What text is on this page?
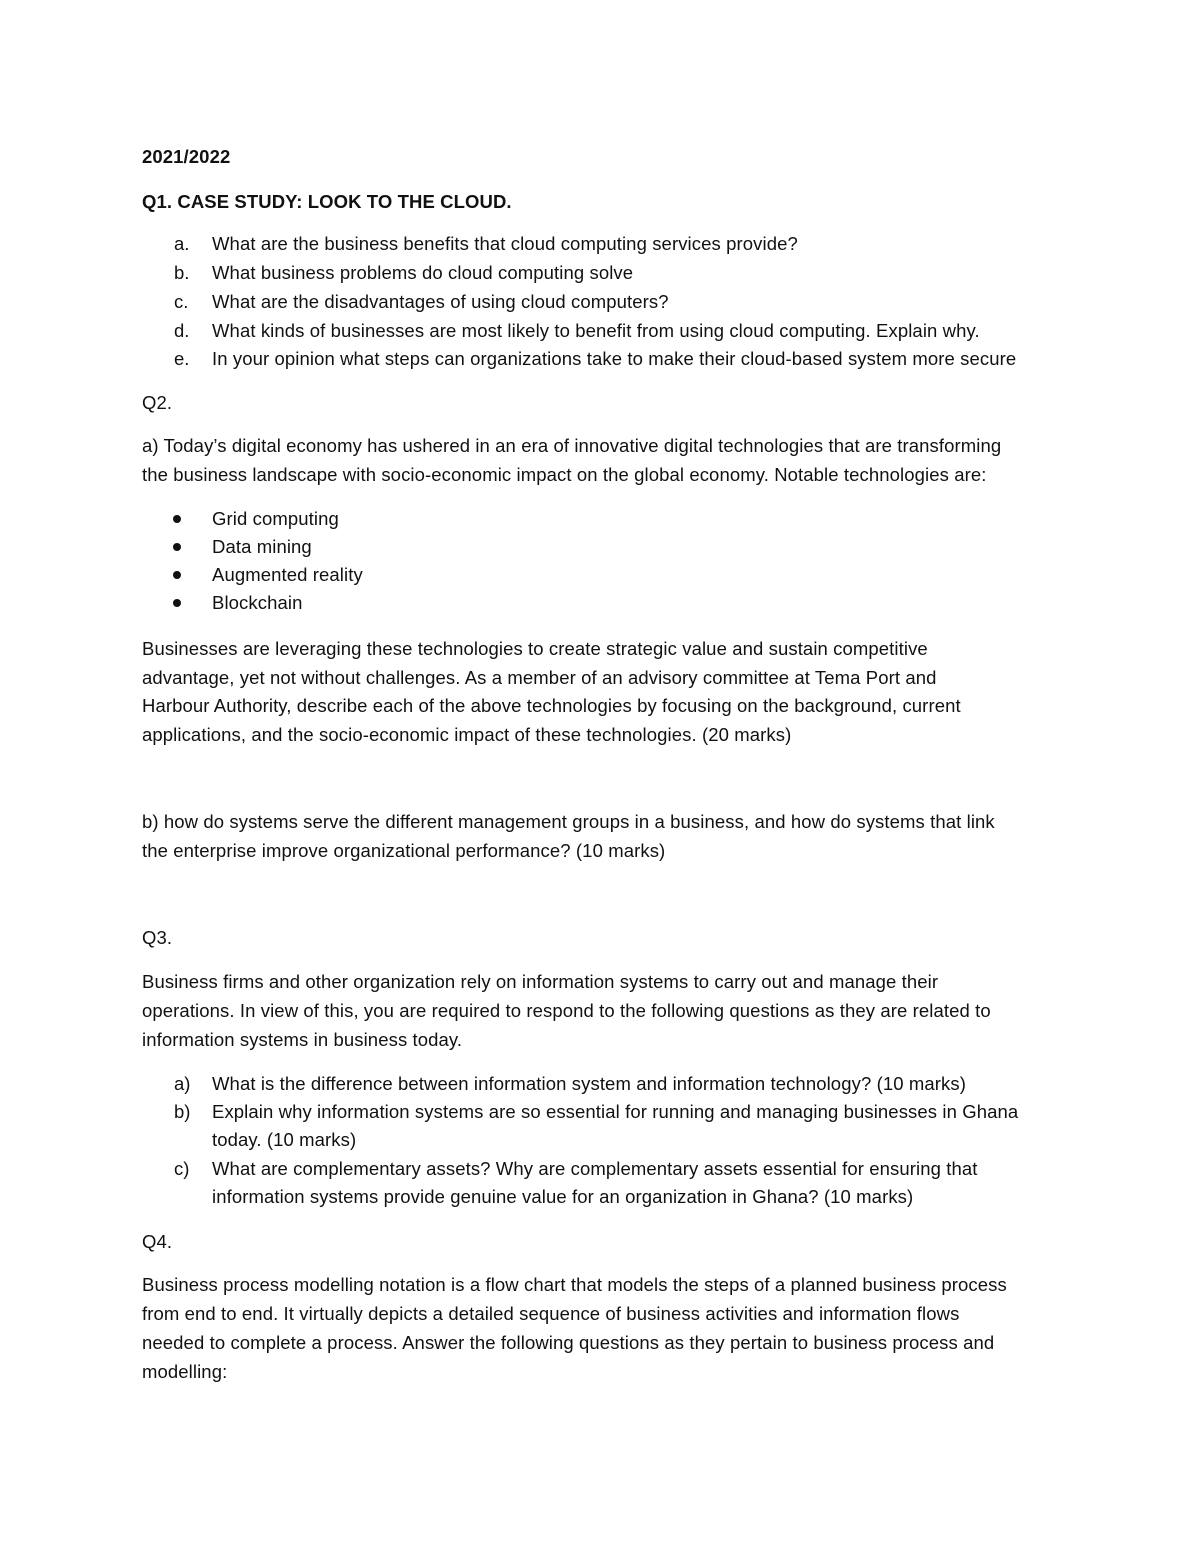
2021/2022
Q1. CASE STUDY: LOOK TO THE CLOUD.
a. What are the business benefits that cloud computing services provide?
b. What business problems do cloud computing solve
c. What are the disadvantages of using cloud computers?
d. What kinds of businesses are most likely to benefit from using cloud computing. Explain why.
e. In your opinion what steps can organizations take to make their cloud-based system more secure
Q2.
a) Today’s digital economy has ushered in an era of innovative digital technologies that are transforming
the business landscape with socio-economic impact on the global economy. Notable technologies are:
Grid computing
Data mining
Augmented reality
Blockchain
Businesses are leveraging these technologies to create strategic value and sustain competitive
advantage, yet not without challenges. As a member of an advisory committee at Tema Port and
Harbour Authority, describe each of the above technologies by focusing on the background, current
applications, and the socio-economic impact of these technologies. (20 marks)
b) how do systems serve the different management groups in a business, and how do systems that link
the enterprise improve organizational performance? (10 marks)
Q3.
Business firms and other organization rely on information systems to carry out and manage their
operations. In view of this, you are required to respond to the following questions as they are related to
information systems in business today.
a) What is the difference between information system and information technology? (10 marks)
b) Explain why information systems are so essential for running and managing businesses in Ghana
today. (10 marks)
c) What are complementary assets? Why are complementary assets essential for ensuring that
information systems provide genuine value for an organization in Ghana? (10 marks)
Q4.
Business process modelling notation is a flow chart that models the steps of a planned business process
from end to end. It virtually depicts a detailed sequence of business activities and information flows
needed to complete a process. Answer the following questions as they pertain to business process and
modelling:
